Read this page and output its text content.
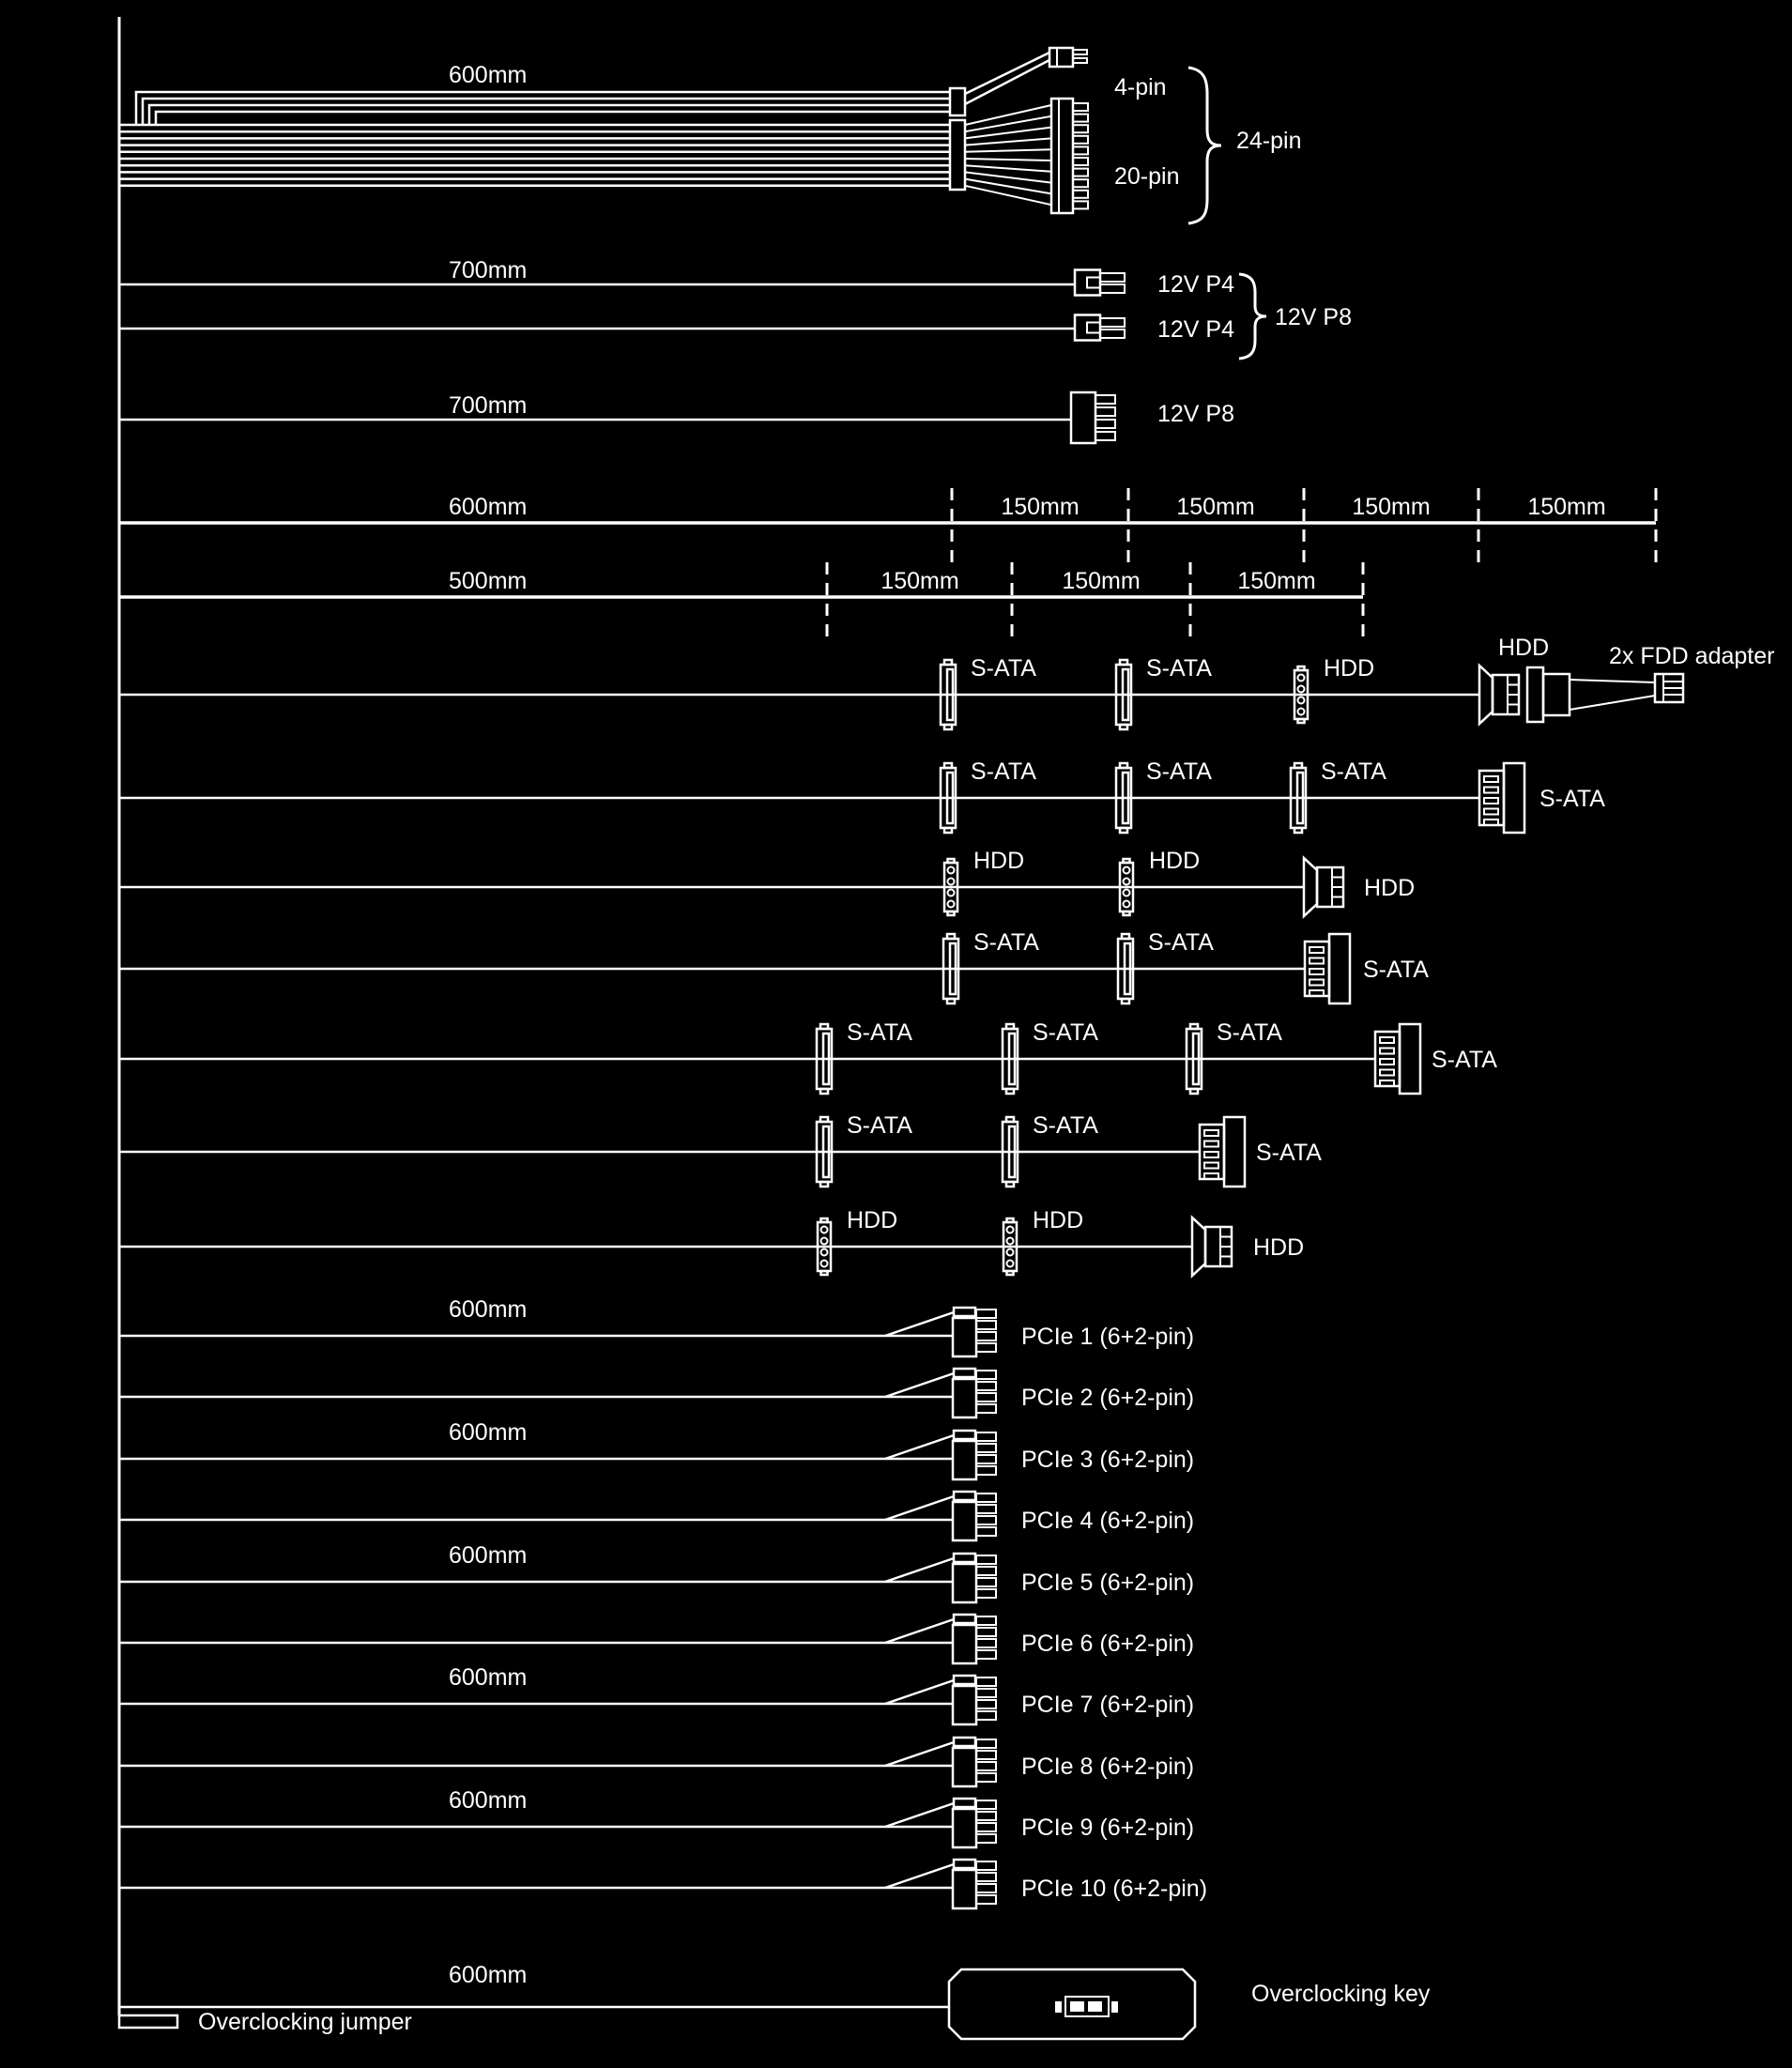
600mm	4-pin
20-pin
24-pin
700mm
12V P4
12V P4 12V P8
700mm	12V P8
600mm	150mm	150mm	150mm	150mm
500mm	150mm	150mm	150mm
S-ATA	S-ATA	HDD
HDD	2x FDD adapter
S-ATA	S-ATA	S-ATA
S-ATA
HDD	HDD
HDD
S-ATA	S-ATA
S-ATA
S-ATA	S-ATA	S-ATA
S-ATA
S-ATA	S-ATA
S-ATA
HDD	HDD
HDD
600mm
PCIe 1 (6+2-pin)
PCIe 2 (6+2-pin)
600mm
PCIe 3 (6+2-pin)
PCIe 4 (6+2-pin)
600mm
PCIe 5 (6+2-pin)
PCIe 6 (6+2-pin)
600mm
PCIe 7 (6+2-pin)
PCIe 8 (6+2-pin)
600mm
PCIe 9 (6+2-pin)
PCIe 10 (6+2-pin)
600mm
Overclocking key
Overclocking jumper
